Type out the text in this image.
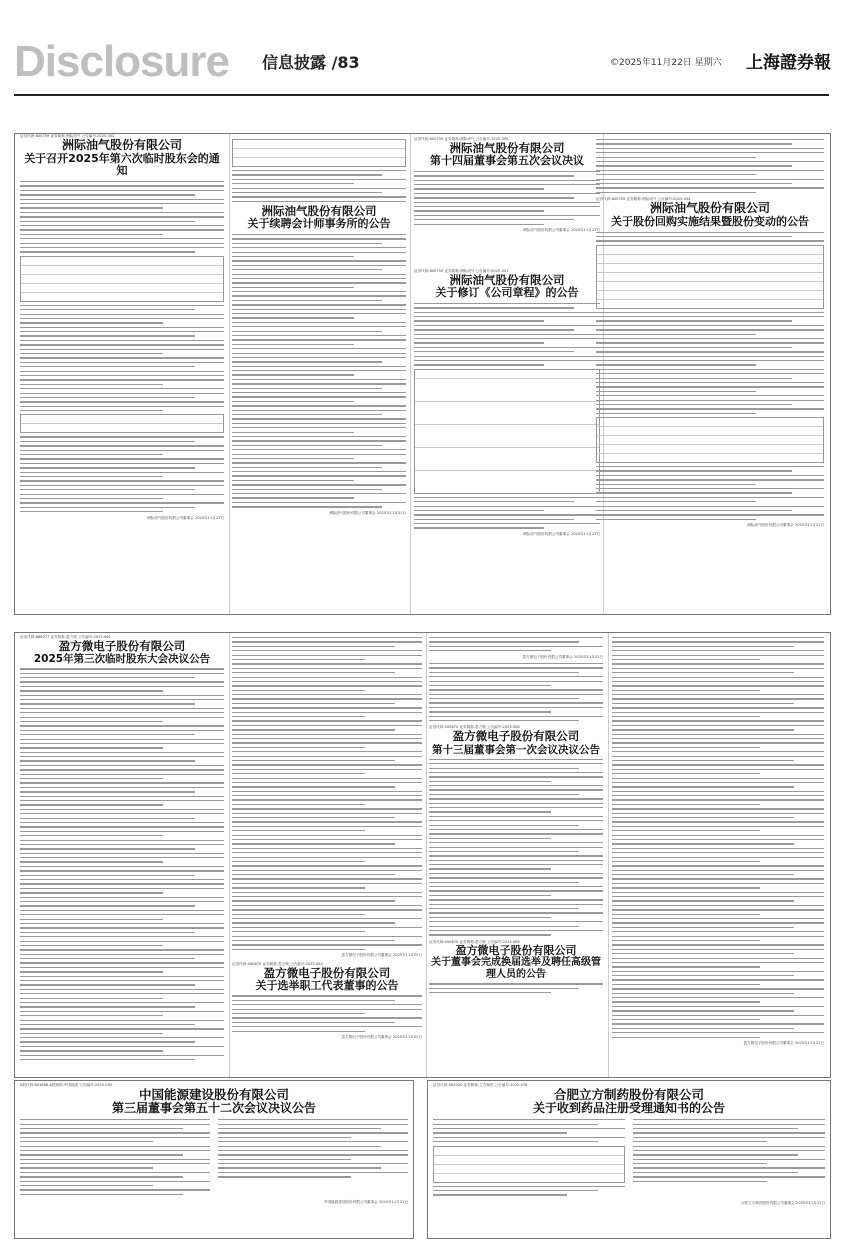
Disclosure 信息披露 /83	©2025年11月22日 星期六 上海證券報
证券代码:600759 证券简称:洲际油气 公告编号:2025-052
洲际油气股份有限公司
关于召开2025年第六次临时股东会的通知
洲际油气股份有限公司董事会 2025年11月21日
洲际油气股份有限公司
关于续聘会计师事务所的公告
洲际油气股份有限公司董事会 2025年11月21日
证券代码:600759 证券简称:洲际油气 公告编号:2025-050
洲际油气股份有限公司
第十四届董事会第五次会议决议
洲际油气股份有限公司董事会 2025年11月21日
证券代码:600759 证券简称:洲际油气 公告编号:2025-051
洲际油气股份有限公司
关于修订《公司章程》的公告
洲际油气股份有限公司董事会 2025年11月21日
证券代码:600759 证券简称:洲际油气 公告编号:2025-054
洲际油气股份有限公司
关于股份回购实施结果暨股份变动的公告
洲际油气股份有限公司董事会 2025年11月21日
证券代码:688077 证券简称:盈方微 公告编号:2025-062
盈方微电子股份有限公司
2025年第三次临时股东大会决议公告
盈方微电子股份有限公司董事会 2025年11月22日
证券代码:000670 证券简称:盈方微 公告编号:2025-063
盈方微电子股份有限公司
关于选举职工代表董事的公告
盈方微电子股份有限公司董事会 2025年11月22日
盈方微电子股份有限公司董事会 2025年11月22日
证券代码:000670 证券简称:盈方微 公告编号:2025-064
盈方微电子股份有限公司
第十三届董事会第一次会议决议公告
证券代码:000670 证券简称:盈方微 公告编号:2025-065
盈方微电子股份有限公司
关于董事会完成换届选举及聘任高级管理人员的公告
盈方微电子股份有限公司董事会 2025年11月22日
A股代码:601868 A股简称:中国能建 公告编号:2025-050
中国能源建设股份有限公司
第三届董事会第五十二次会议决议公告
中国能源建设股份有限公司董事会 2025年11月21日
证券代码:002020 证券简称:立方制药 公告编号:2025-076
合肥立方制药股份有限公司
关于收到药品注册受理通知书的公告
合肥立方制药股份有限公司董事会 2025年11月21日
